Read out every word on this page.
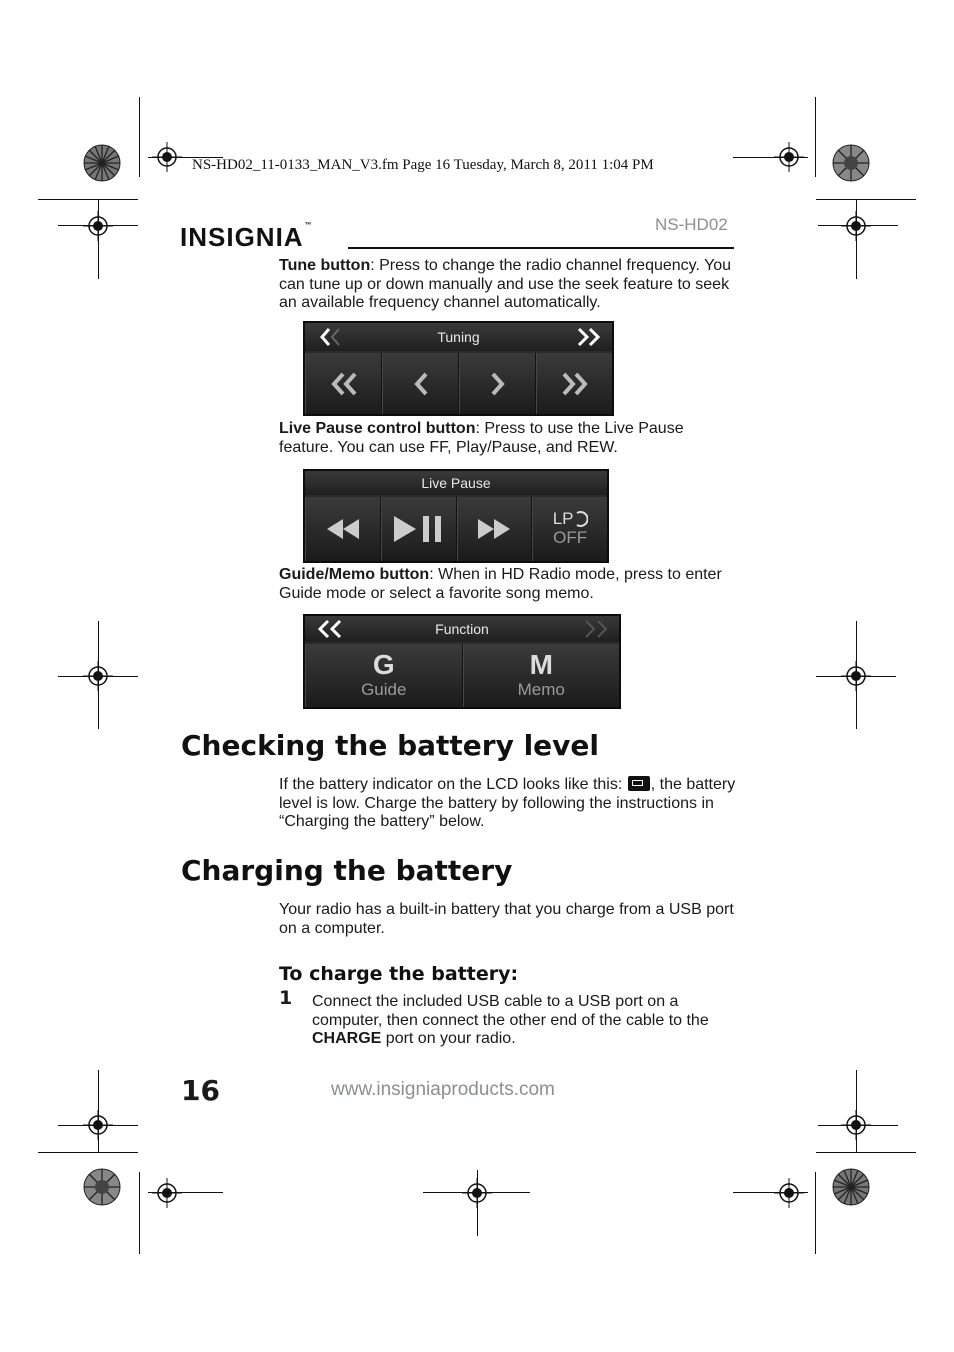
NS-HD02_11-0133_MAN_V3.fm Page 16 Tuesday, March 8, 2011 1:04 PM
INSIGNIA™	NS-HD02
Tune button: Press to change the radio channel frequency. You can tune up or down manually and use the seek feature to seek an available frequency channel automatically.
Tuning
Live Pause control button: Press to use the Live Pause feature. You can use FF, Play/Pause, and REW.
Live Pause
LP
OFF
Guide/Memo button: When in HD Radio mode, press to enter Guide mode or select a favorite song memo.
Function
G
Guide
M
Memo
Checking the battery level
If the battery indicator on the LCD looks like this: , the battery level is low. Charge the battery by following the instructions in “Charging the battery” below.
Charging the battery
Your radio has a built-in battery that you charge from a USB port on a computer.
To charge the battery:
1 Connect the included USB cable to a USB port on a computer, then connect the other end of the cable to the CHARGE port on your radio.
16	www.insigniaproducts.com
